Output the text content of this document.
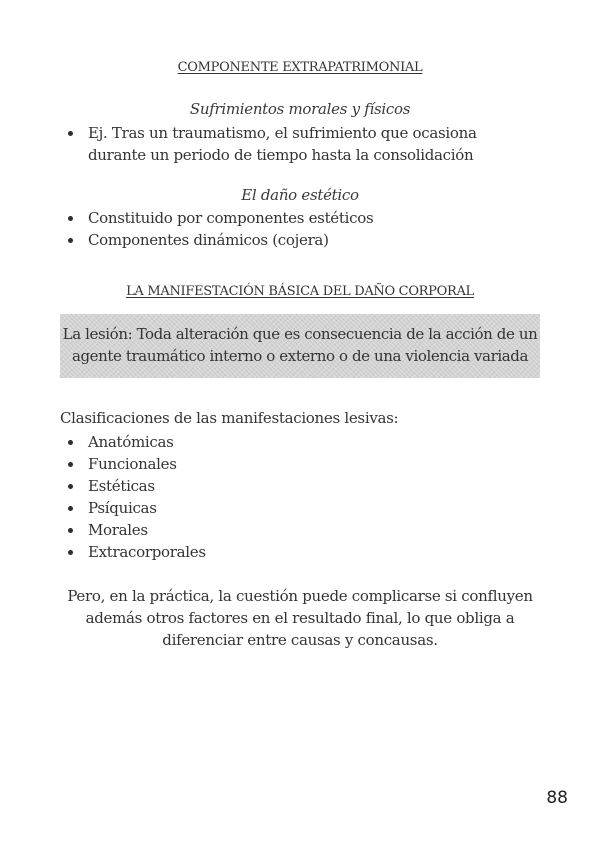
COMPONENTE EXTRAPATRIMONIAL
Sufrimientos morales y físicos
Ej. Tras un traumatismo, el sufrimiento que ocasiona durante un periodo de tiempo hasta la consolidación
El daño estético
Constituido por componentes estéticos
Componentes dinámicos (cojera)
LA MANIFESTACIÓN BÁSICA DEL DAÑO CORPORAL
La lesión: Toda alteración que es consecuencia de la acción de un agente traumático interno o externo o de una violencia variada
Clasificaciones de las manifestaciones lesivas:
Anatómicas
Funcionales
Estéticas
Psíquicas
Morales
Extracorporales
Pero, en la práctica, la cuestión puede complicarse si confluyen además otros factores en el resultado final, lo que obliga a diferenciar entre causas y concausas.
88
